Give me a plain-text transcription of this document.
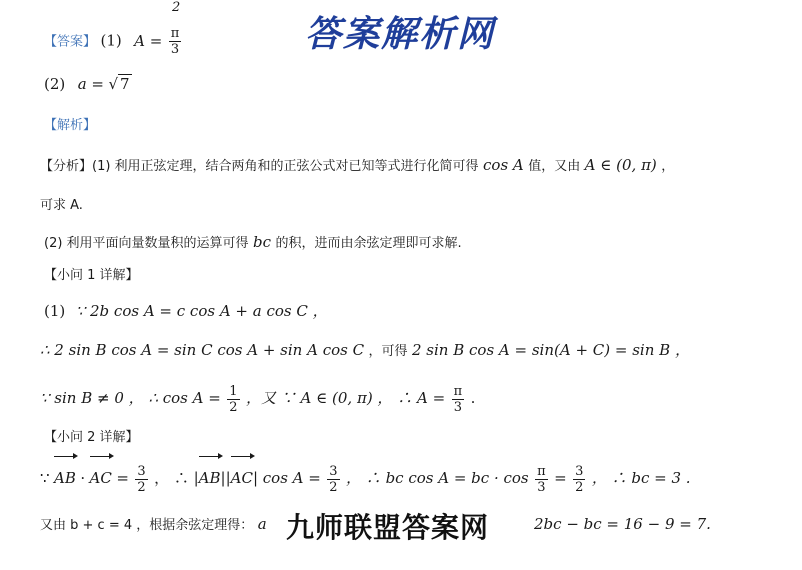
答案解析网
2
【答案】 (1) $A = \frac{\pi}{3}$
(2) a = √ 7
【解析】
【分析】(1) 利用正弦定理，结合两角和的正弦公式对已知等式进行化简可得 cos A 值，又由 A ∈ (0, π) ，
可求 A.
(2) 利用平面向量数量积的运算可得 bc 的积，进而由余弦定理即可求解.
【小问 1 详解】
(1) ∵ 2b cos A = c cos A + a cos C ，
∴ 2 sin B cos A = sin C cos A + sin A cos C ，可得 2 sin B cos A = sin(A + C) = sin B ，
∵ sin B ≠ 0 ， ∴ $\cos A = \frac{1}{2}$ ，又 ∵ A ∈ (0, π) ， ∴ $A = \frac{\pi}{3}$ .
【小问 2 详解】
∵ AB · AC = $\frac{3}{2}$ ， ∴ |AB||AC| $\cos A = \frac{3}{2}$ ， ∴ bc cos A = bc · $\cos \frac{\pi}{3} = \frac{3}{2}$ ， ∴ bc = 3 .
又由 b + c = 4 ，根据余弦定理得： a	2bc − bc = 16 − 9 = 7.
九师联盟答案网
